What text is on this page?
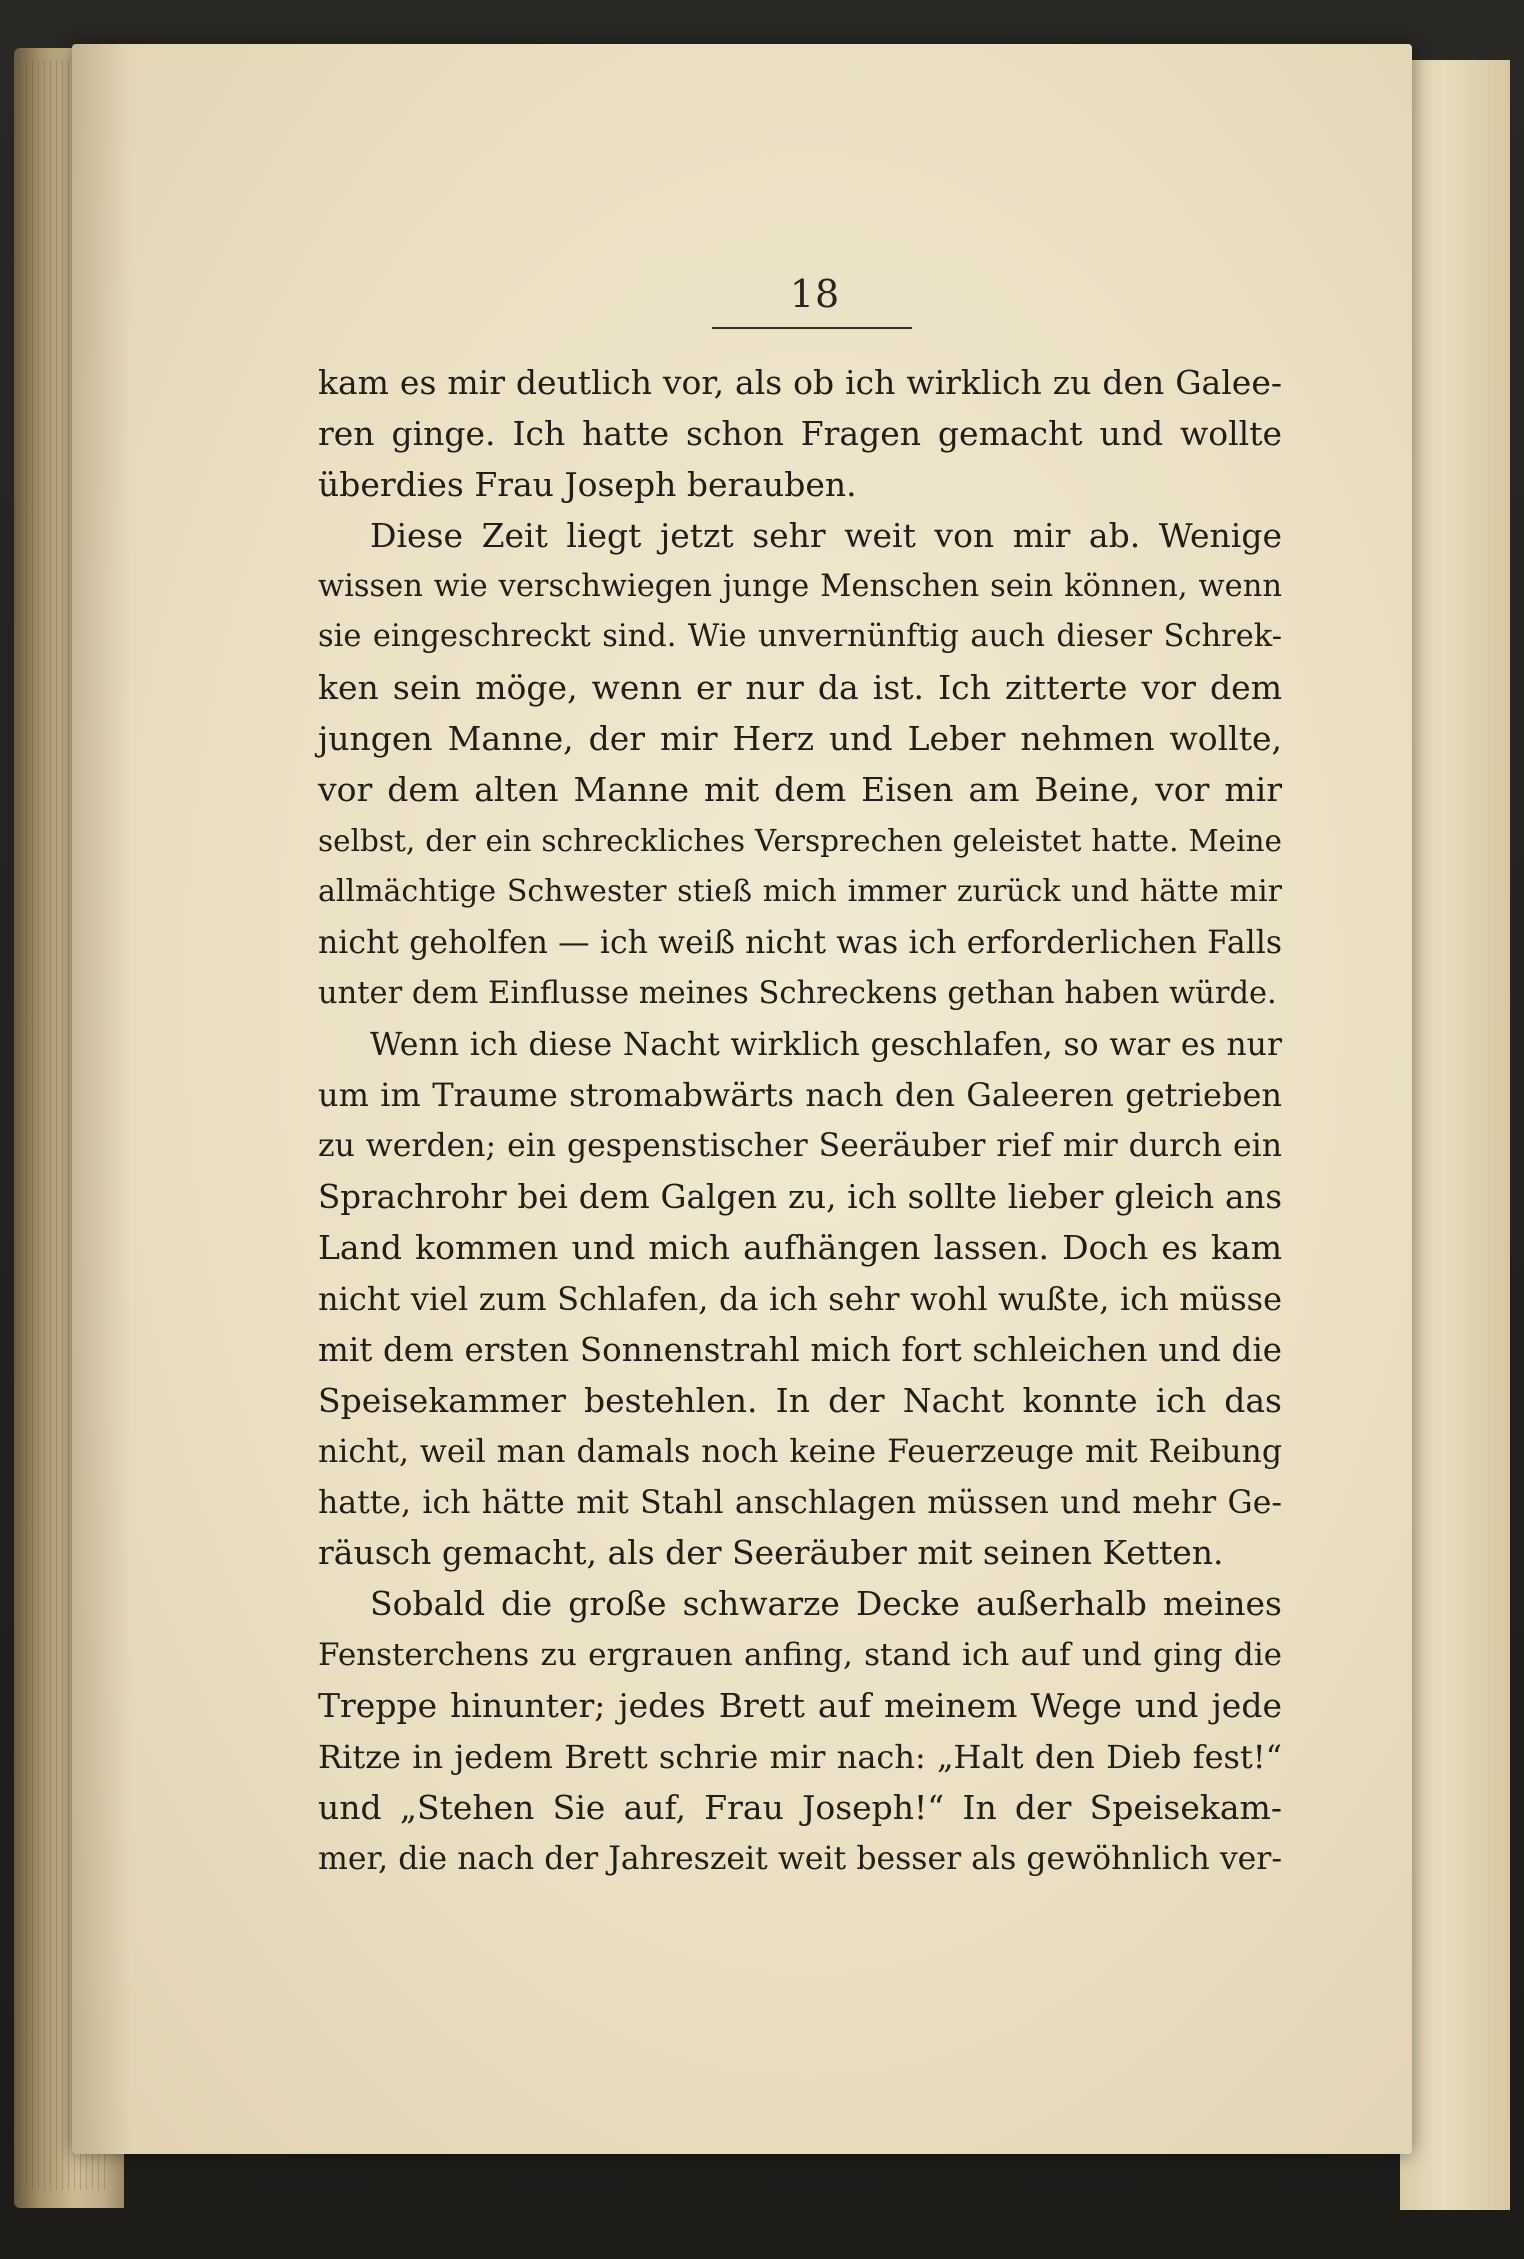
18
kam es mir deutlich vor, als ob ich wirklich zu den Galee-
ren ginge. Ich hatte schon Fragen gemacht und wollte
überdies Frau Joseph berauben.
Diese Zeit liegt jetzt sehr weit von mir ab. Wenige
wissen wie verschwiegen junge Menschen sein können, wenn
sie eingeschreckt sind. Wie unvernünftig auch dieser Schrek-
ken sein möge, wenn er nur da ist. Ich zitterte vor dem
jungen Manne, der mir Herz und Leber nehmen wollte,
vor dem alten Manne mit dem Eisen am Beine, vor mir
selbst, der ein schreckliches Versprechen geleistet hatte. Meine
allmächtige Schwester stieß mich immer zurück und hätte mir
nicht geholfen — ich weiß nicht was ich erforderlichen Falls
unter dem Einflusse meines Schreckens gethan haben würde.
Wenn ich diese Nacht wirklich geschlafen, so war es nur
um im Traume stromabwärts nach den Galeeren getrieben
zu werden; ein gespenstischer Seeräuber rief mir durch ein
Sprachrohr bei dem Galgen zu, ich sollte lieber gleich ans
Land kommen und mich aufhängen lassen. Doch es kam
nicht viel zum Schlafen, da ich sehr wohl wußte, ich müsse
mit dem ersten Sonnenstrahl mich fort schleichen und die
Speisekammer bestehlen. In der Nacht konnte ich das
nicht, weil man damals noch keine Feuerzeuge mit Reibung
hatte, ich hätte mit Stahl anschlagen müssen und mehr Ge-
räusch gemacht, als der Seeräuber mit seinen Ketten.
Sobald die große schwarze Decke außerhalb meines
Fensterchens zu ergrauen anfing, stand ich auf und ging die
Treppe hinunter; jedes Brett auf meinem Wege und jede
Ritze in jedem Brett schrie mir nach: „Halt den Dieb fest!“
und „Stehen Sie auf, Frau Joseph!“ In der Speisekam-
mer, die nach der Jahreszeit weit besser als gewöhnlich ver-
